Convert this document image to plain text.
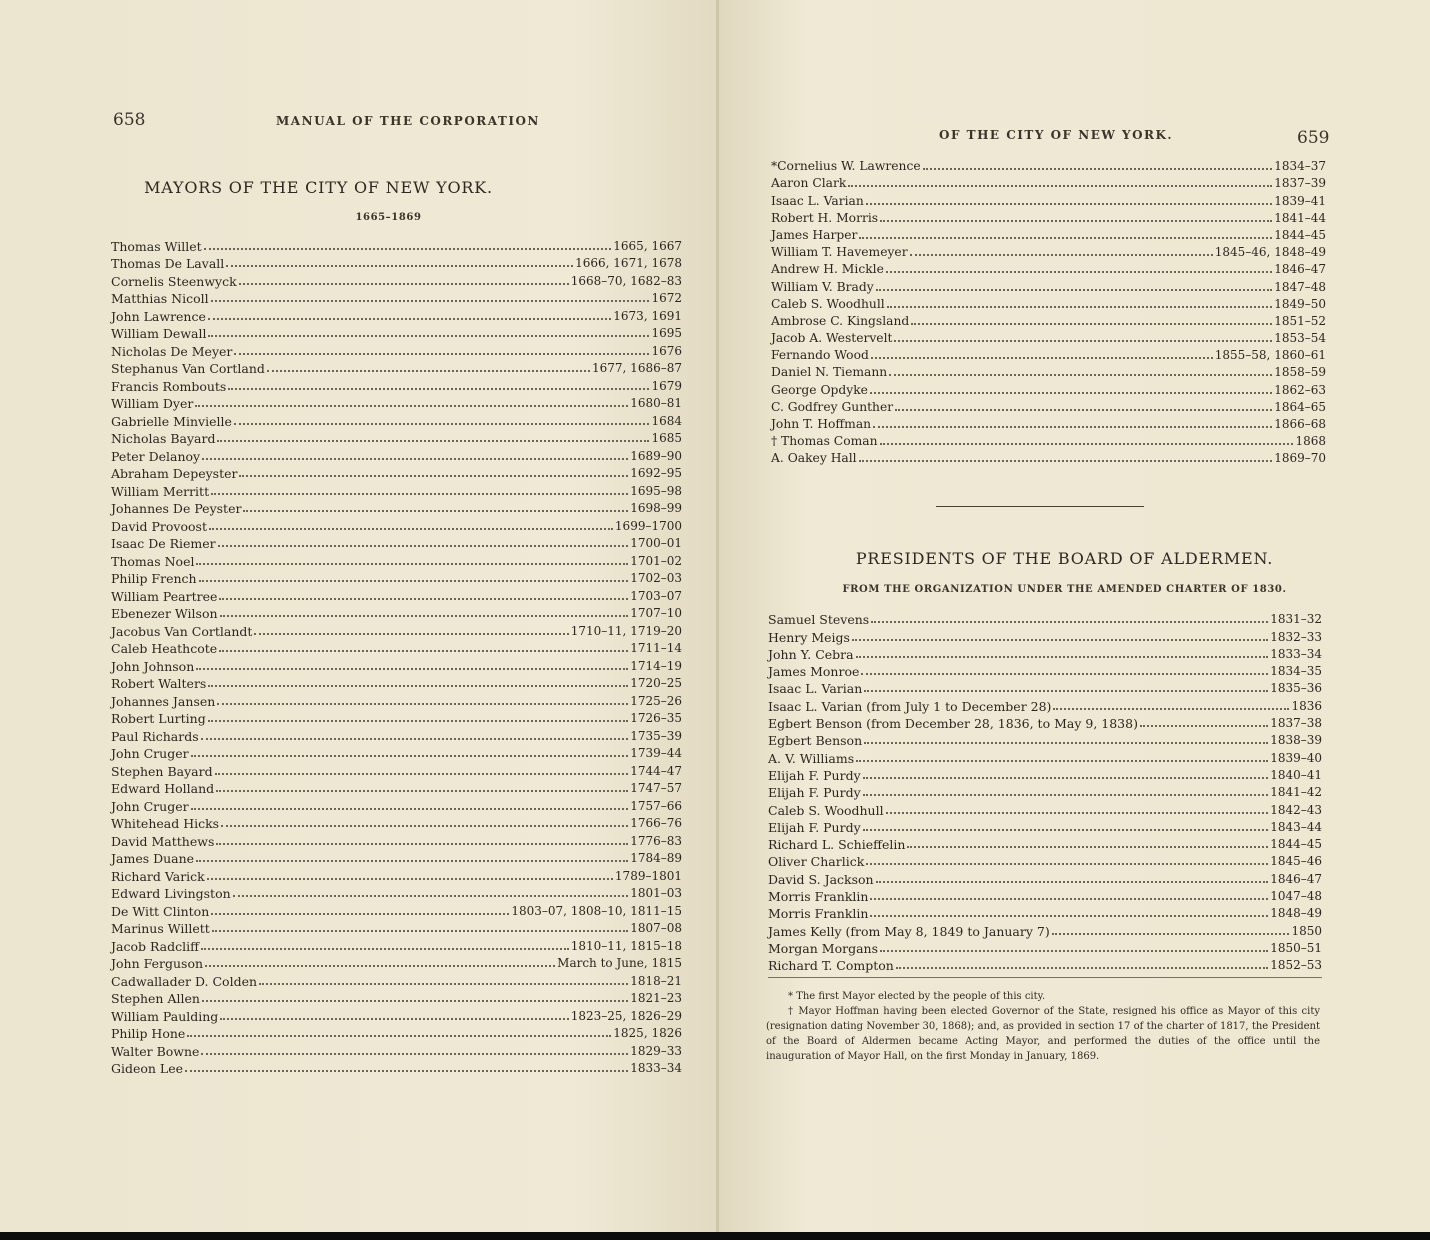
658	MANUAL OF THE CORPORATION
MAYORS OF THE CITY OF NEW YORK.
1665–1869
Thomas Willet	1665, 1667
Thomas De Lavall	1666, 1671, 1678
Cornelis Steenwyck	1668–70, 1682–83
Matthias Nicoll	1672
John Lawrence	1673, 1691
William Dewall	1695
Nicholas De Meyer	1676
Stephanus Van Cortland	1677, 1686–87
Francis Rombouts	1679
William Dyer	1680–81
Gabrielle Minvielle	1684
Nicholas Bayard	1685
Peter Delanoy	1689–90
Abraham Depeyster	1692–95
William Merritt	1695–98
Johannes De Peyster	1698–99
David Provoost	1699–1700
Isaac De Riemer	1700–01
Thomas Noel	1701–02
Philip French	1702–03
William Peartree	1703–07
Ebenezer Wilson	1707–10
Jacobus Van Cortlandt	1710–11, 1719–20
Caleb Heathcote	1711–14
John Johnson	1714–19
Robert Walters	1720–25
Johannes Jansen	1725–26
Robert Lurting	1726–35
Paul Richards	1735–39
John Cruger	1739–44
Stephen Bayard	1744–47
Edward Holland	1747–57
John Cruger	1757–66
Whitehead Hicks	1766–76
David Matthews	1776–83
James Duane	1784–89
Richard Varick	1789–1801
Edward Livingston	1801–03
De Witt Clinton	1803–07, 1808–10, 1811–15
Marinus Willett	1807–08
Jacob Radcliff	1810–11, 1815–18
John Ferguson	March to June, 1815
Cadwallader D. Colden	1818–21
Stephen Allen	1821–23
William Paulding	1823–25, 1826–29
Philip Hone	1825, 1826
Walter Bowne	1829–33
Gideon Lee	1833–34
OF THE CITY OF NEW YORK.	659
*Cornelius W. Lawrence	1834–37
Aaron Clark	1837–39
Isaac L. Varian	1839–41
Robert H. Morris	1841–44
James Harper	1844–45
William T. Havemeyer	1845–46, 1848–49
Andrew H. Mickle	1846–47
William V. Brady	1847–48
Caleb S. Woodhull	1849–50
Ambrose C. Kingsland	1851–52
Jacob A. Westervelt	1853–54
Fernando Wood	1855–58, 1860–61
Daniel N. Tiemann	1858–59
George Opdyke	1862–63
C. Godfrey Gunther	1864–65
John T. Hoffman	1866–68
† Thomas Coman	1868
A. Oakey Hall	1869–70
PRESIDENTS OF THE BOARD OF ALDERMEN.
FROM THE ORGANIZATION UNDER THE AMENDED CHARTER OF 1830.
Samuel Stevens	1831–32
Henry Meigs	1832–33
John Y. Cebra	1833–34
James Monroe	1834–35
Isaac L. Varian	1835–36
Isaac L. Varian (from July 1 to December 28)	1836
Egbert Benson (from December 28, 1836, to May 9, 1838)	1837–38
Egbert Benson	1838–39
A. V. Williams	1839–40
Elijah F. Purdy	1840–41
Elijah F. Purdy	1841–42
Caleb S. Woodhull	1842–43
Elijah F. Purdy	1843–44
Richard L. Schieffelin	1844–45
Oliver Charlick	1845–46
David S. Jackson	1846–47
Morris Franklin	1047–48
Morris Franklin	1848–49
James Kelly (from May 8, 1849 to January 7)	1850
Morgan Morgans	1850–51
Richard T. Compton	1852–53

* The first Mayor elected by the people of this city.

† Mayor Hoffman having been elected Governor of the State, resigned his office as Mayor of this city (resignation dating November 30, 1868); and, as provided in section 17 of the charter of 1817, the President of the Board of Aldermen became Acting Mayor, and performed the duties of the office until the inauguration of Mayor Hall, on the first Monday in January, 1869.
